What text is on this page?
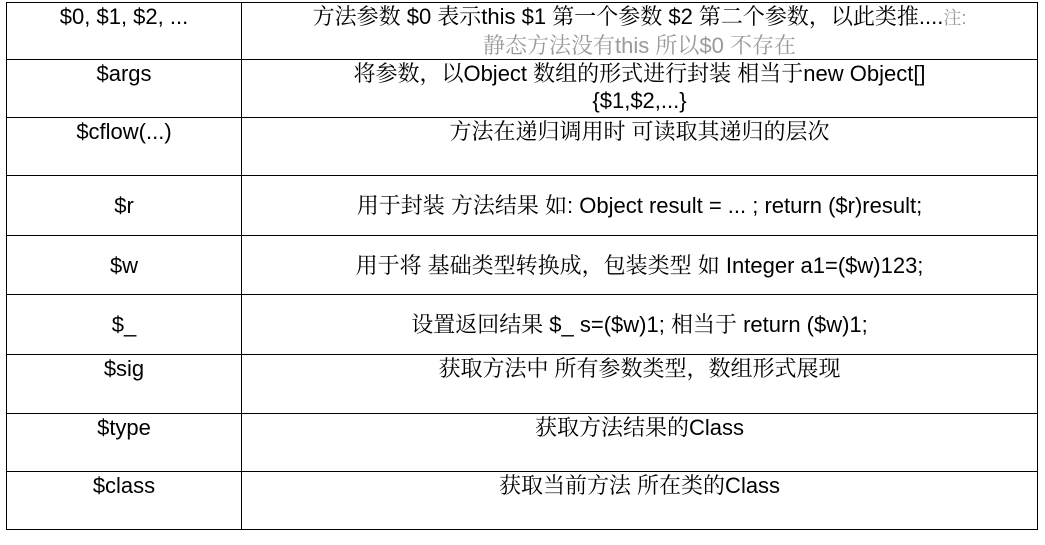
$0, $1, $2, ...	方法参数 $0 表示this $1 第一个参数 $2 第二个参数，以此类推....注:
静态方法没有this 所以$0 不存在

$args	将参数，以Object 数组的形式进行封装 相当于new Object[]{$1,$2,...}

$cflow(...)	方法在递归调用时 可读取其递归的层次
$r	用于封装 方法结果 如: Object result = ... ; return ($r)result;
$w	用于将 基础类型转换成，包装类型 如 Integer a1=($w)123;
$_	设置返回结果 $_ s=($w)1; 相当于 return ($w)1;
$sig	获取方法中 所有参数类型，数组形式展现
$type	获取方法结果的Class
$class	获取当前方法 所在类的Class
